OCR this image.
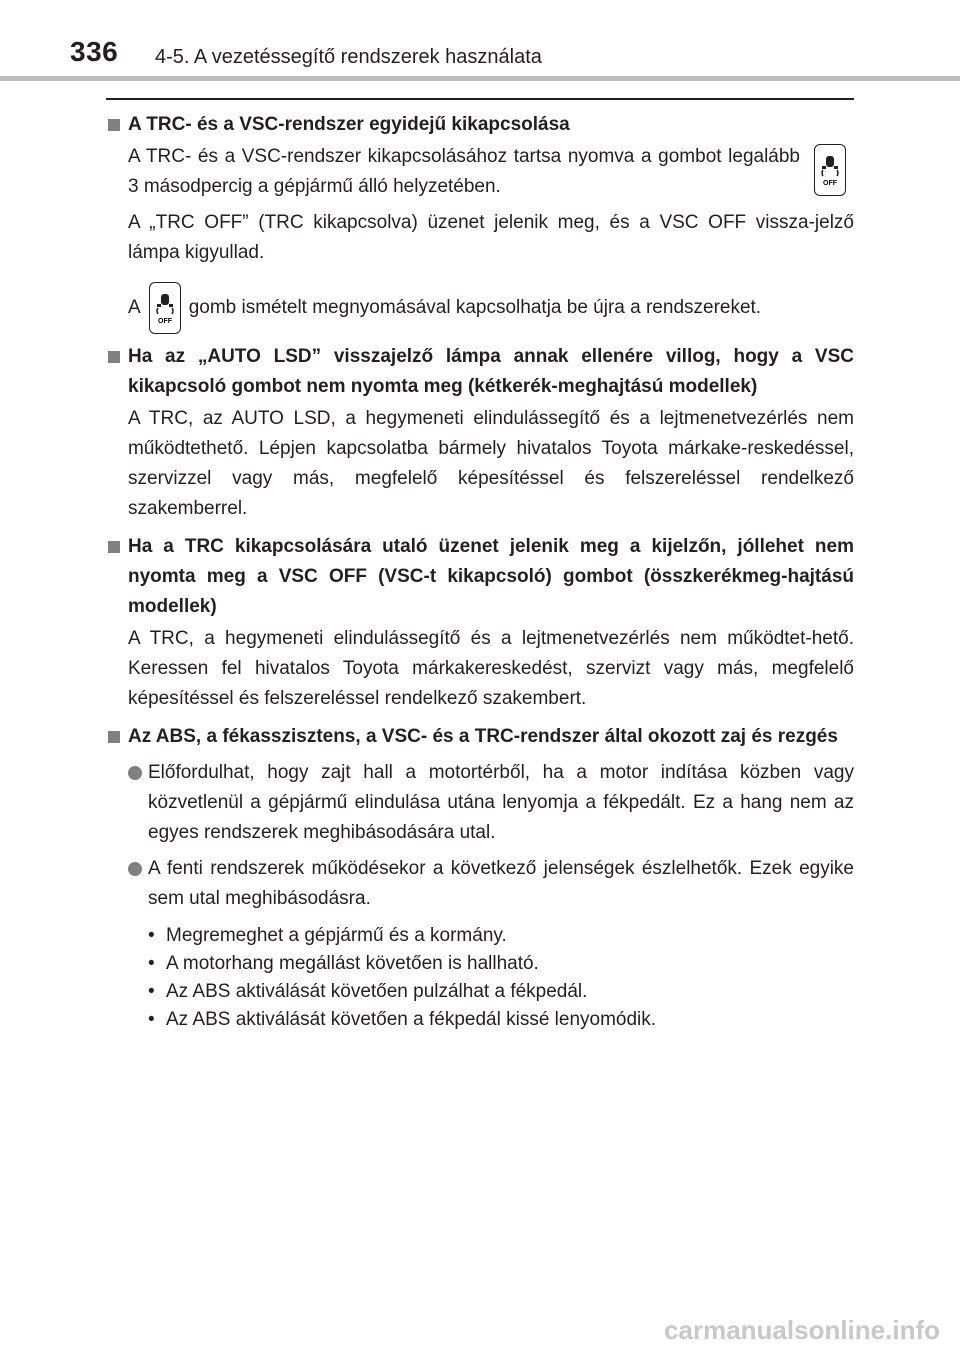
336 4-5. A vezetéssegítő rendszerek használata

A TRC- és a VSC-rendszer egyidejű kikapcsolása

OFF
A TRC- és a VSC-rendszer kikapcsolásához tartsa nyomva a gombot legalább 3 másodpercig a gépjármű álló helyzetében.

A „TRC OFF” (TRC kikapcsolva) üzenet jelenik meg, és a VSC OFF vissza-jelző lámpa kigyullad.

A
OFF
gomb ismételt megnyomásával kapcsolhatja be újra a rendszereket.

Ha az „AUTO LSD” visszajelző lámpa annak ellenére villog, hogy a VSC kikapcsoló gombot nem nyomta meg (kétkerék-meghajtású modellek)

A TRC, az AUTO LSD, a hegymeneti elindulássegítő és a lejtmenetvezérlés nem működtethető. Lépjen kapcsolatba bármely hivatalos Toyota márkake-reskedéssel, szervizzel vagy más, megfelelő képesítéssel és felszereléssel rendelkező szakemberrel.

Ha a TRC kikapcsolására utaló üzenet jelenik meg a kijelzőn, jóllehet nem nyomta meg a VSC OFF (VSC-t kikapcsoló) gombot (összkerékmeg-hajtású modellek)

A TRC, a hegymeneti elindulássegítő és a lejtmenetvezérlés nem működtet-hető. Keressen fel hivatalos Toyota márkakereskedést, szervizt vagy más, megfelelő képesítéssel és felszereléssel rendelkező szakembert.

Az ABS, a fékasszisztens, a VSC- és a TRC-rendszer által okozott zaj és rezgés

Előfordulhat, hogy zajt hall a motortérből, ha a motor indítása közben vagy közvetlenül a gépjármű elindulása utána lenyomja a fékpedált. Ez a hang nem az egyes rendszerek meghibásodására utal.
A fenti rendszerek működésekor a következő jelenségek észlelhetők. Ezek egyike sem utal meghibásodásra.
• Megremeghet a gépjármű és a kormány.
• A motorhang megállást követően is hallható.
• Az ABS aktiválását követően pulzálhat a fékpedál.
• Az ABS aktiválását követően a fékpedál kissé lenyomódik.
carmanualsonline.info
